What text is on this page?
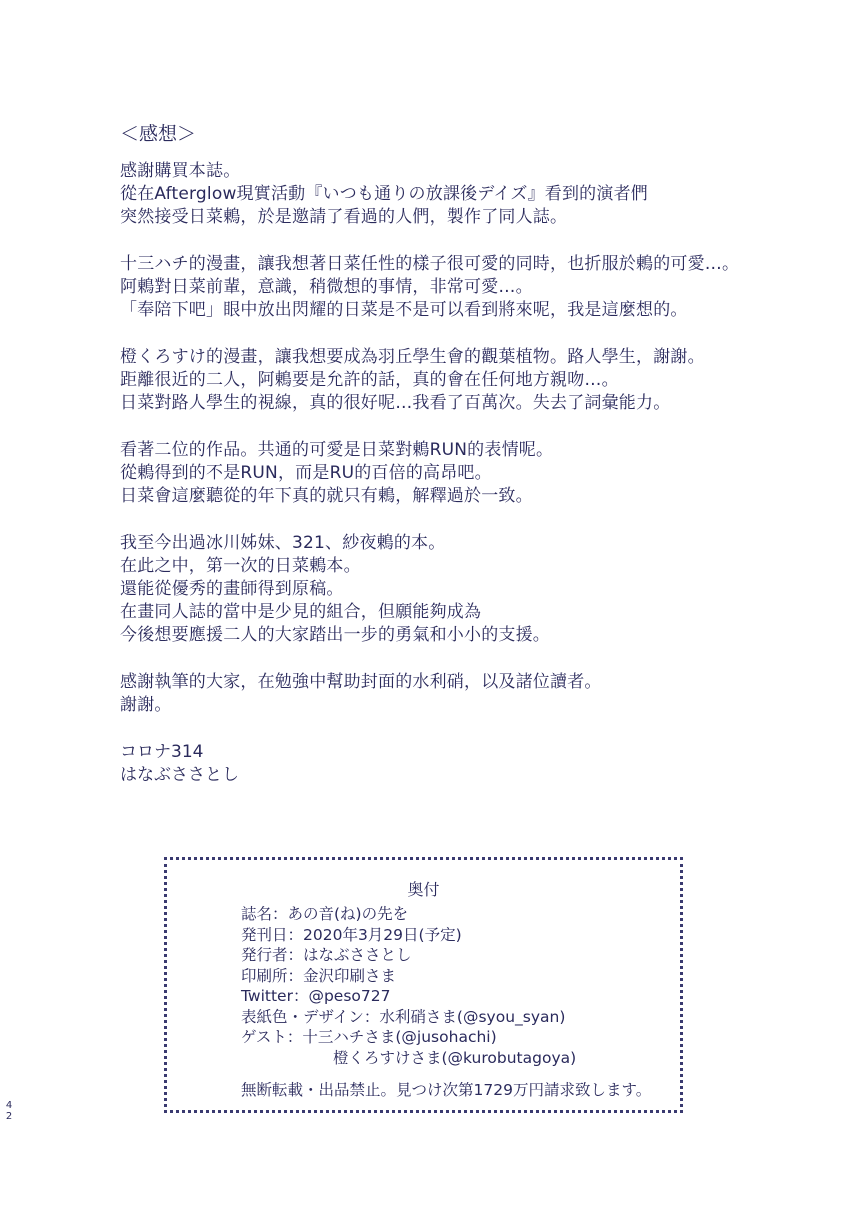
＜感想＞
感謝購買本誌。
從在Afterglow現實活動『いつも通りの放課後デイズ』看到的演者們
突然接受日菜鶇，於是邀請了看過的人們，製作了同人誌。
十三ハチ的漫畫，讓我想著日菜任性的樣子很可愛的同時，也折服於鶇的可愛…。
阿鶇對日菜前輩，意識，稍微想的事情，非常可愛…。
「奉陪下吧」眼中放出閃耀的日菜是不是可以看到將來呢，我是這麼想的。
橙くろすけ的漫畫，讓我想要成為羽丘學生會的觀葉植物。路人學生，謝謝。
距離很近的二人，阿鶇要是允許的話，真的會在任何地方親吻…。
日菜對路人學生的視線，真的很好呢…我看了百萬次。失去了詞彙能力。
看著二位的作品。共通的可愛是日菜對鶇RUN的表情呢。
從鶇得到的不是RUN，而是RU的百倍的高昂吧。
日菜會這麼聽從的年下真的就只有鶇，解釋過於一致。
我至今出過冰川姊妹、321、紗夜鶇的本。
在此之中，第一次的日菜鶇本。
還能從優秀的畫師得到原稿。
在畫同人誌的當中是少見的組合，但願能夠成為
今後想要應援二人的大家踏出一步的勇氣和小小的支援。
感謝執筆的大家，在勉強中幫助封面的水利硝，以及諸位讀者。
謝謝。
コロナ314
はなぶささとし
奥付
誌名：あの音(ね)の先を
発刊日：2020年3月29日(予定)
発行者：はなぶささとし
印刷所：金沢印刷さま
Twitter：@peso727
表紙色・デザイン：水利硝さま(@syou_syan)
ゲスト：十三ハチさま(@jusohachi)
橙くろすけさま(@kurobutagoya)
無断転載・出品禁止。見つけ次第1729万円請求致します。
4
2
